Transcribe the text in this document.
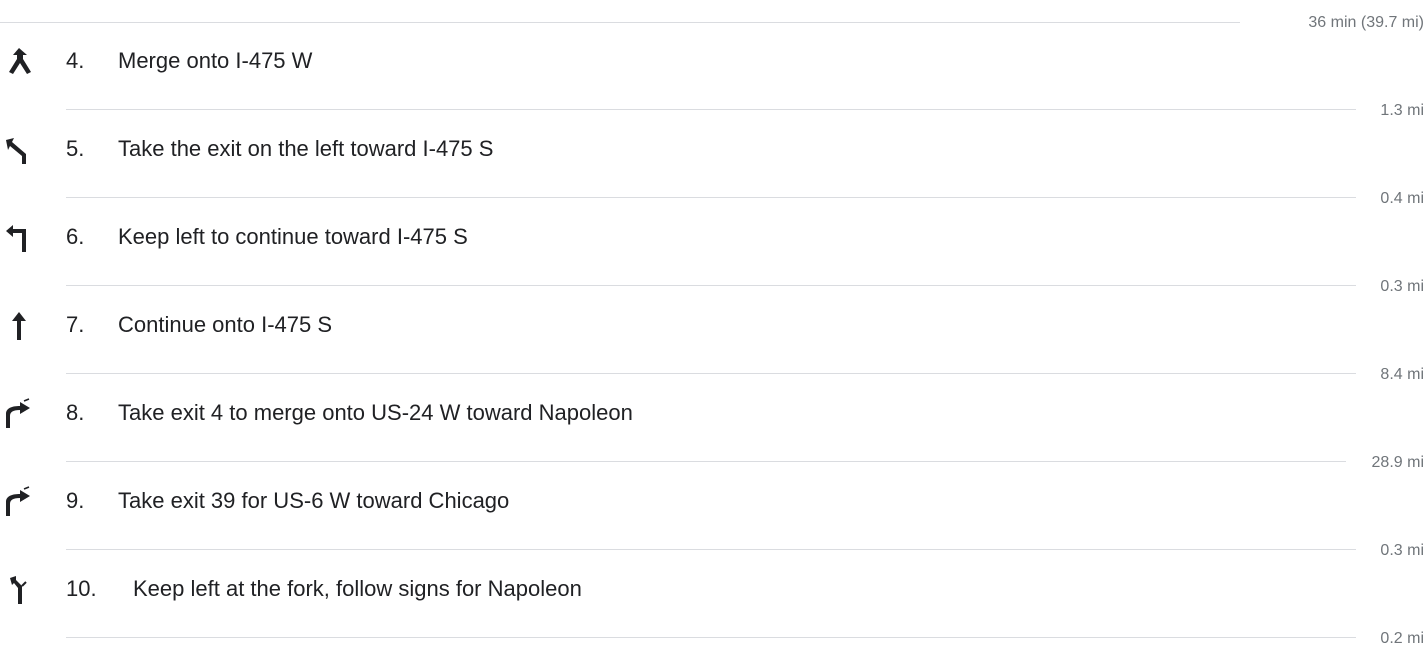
36 min (39.7 mi)
4. Merge onto I-475 W
1.3 mi
5. Take the exit on the left toward I-475 S
0.4 mi
6. Keep left to continue toward I-475 S
0.3 mi
7. Continue onto I-475 S
8.4 mi
8. Take exit 4 to merge onto US-24 W toward Napoleon
28.9 mi
9. Take exit 39 for US-6 W toward Chicago
0.3 mi
10. Keep left at the fork, follow signs for Napoleon
0.2 mi
